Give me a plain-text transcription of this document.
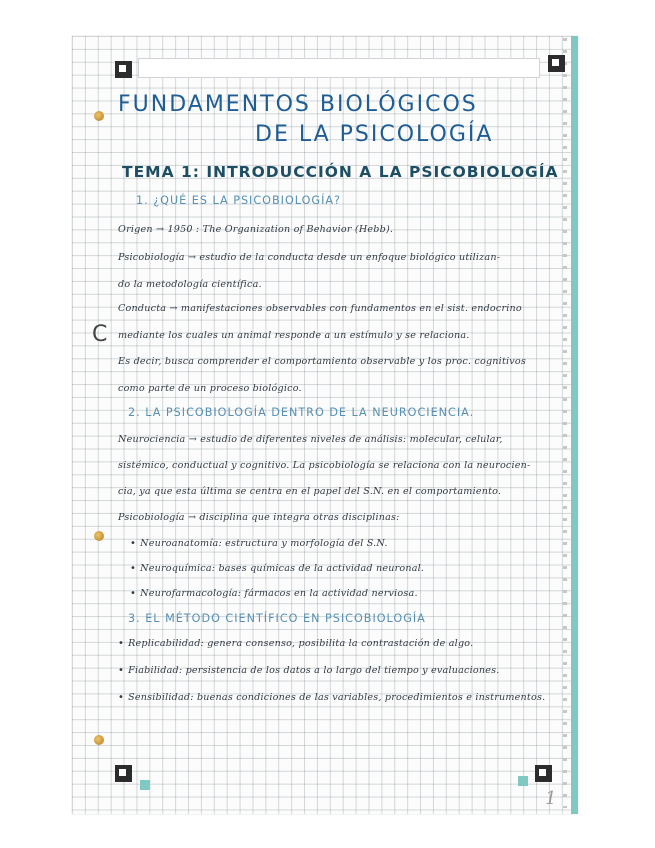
C
FUNDAMENTOS BIOLÓGICOS
DE LA PSICOLOGÍA
TEMA 1: INTRODUCCIÓN A LA PSICOBIOLOGÍA
1. ¿QUÉ ES LA PSICOBIOLOGÍA?
Origen → 1950 : The Organization of Behavior (Hebb).
Psicobiología → estudio de la conducta desde un enfoque biológico utilizan-
do la metodología científica.
Conducta → manifestaciones observables con fundamentos en el sist. endocrino
mediante los cuales un animal responde a un estímulo y se relaciona.
Es decir, busca comprender el comportamiento observable y los proc. cognitivos
como parte de un proceso biológico.
2. LA PSICOBIOLOGÍA DENTRO DE LA NEUROCIENCIA.
Neurociencia → estudio de diferentes niveles de análisis: molecular, celular,
sistémico, conductual y cognitivo. La psicobiología se relaciona con la neurocien-
cia, ya que esta última se centra en el papel del S.N. en el comportamiento.
Psicobiología → disciplina que integra otras disciplinas:
• Neuroanatomía: estructura y morfología del S.N.
• Neuroquímica: bases químicas de la actividad neuronal.
• Neurofarmacología: fármacos en la actividad nerviosa.
3. EL MÉTODO CIENTÍFICO EN PSICOBIOLOGÍA
• Replicabilidad: genera consenso, posibilita la contrastación de algo.
• Fiabilidad: persistencia de los datos a lo largo del tiempo y evaluaciones.
• Sensibilidad: buenas condiciones de las variables, procedimientos e instrumentos.
1
